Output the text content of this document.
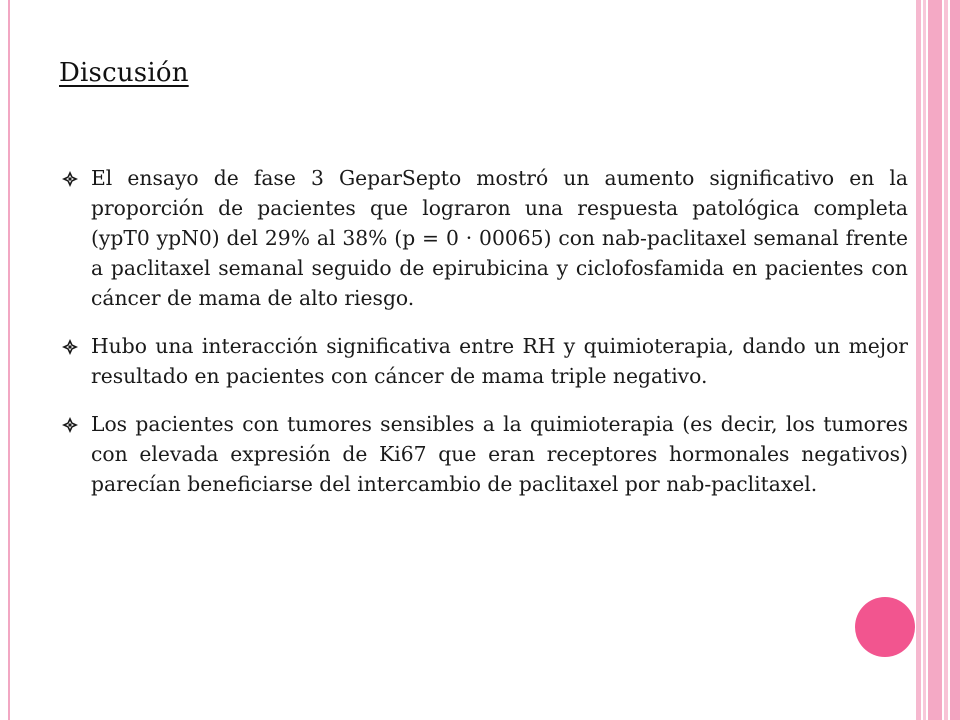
Discusión
El ensayo de fase 3 GeparSepto mostró un aumento significativo en la proporción de pacientes que lograron una respuesta patológica completa (ypT0 ypN0) del 29% al 38% (p = 0 · 00065) con nab-paclitaxel semanal frente a paclitaxel semanal seguido de epirubicina y ciclofosfamida en pacientes con cáncer de mama de alto riesgo.
Hubo una interacción significativa entre RH y quimioterapia, dando un mejor resultado en pacientes con cáncer de mama triple negativo.
Los pacientes con tumores sensibles a la quimioterapia (es decir, los tumores con elevada expresión de Ki67 que eran receptores hormonales negativos) parecían beneficiarse del intercambio de paclitaxel por nab-paclitaxel.
